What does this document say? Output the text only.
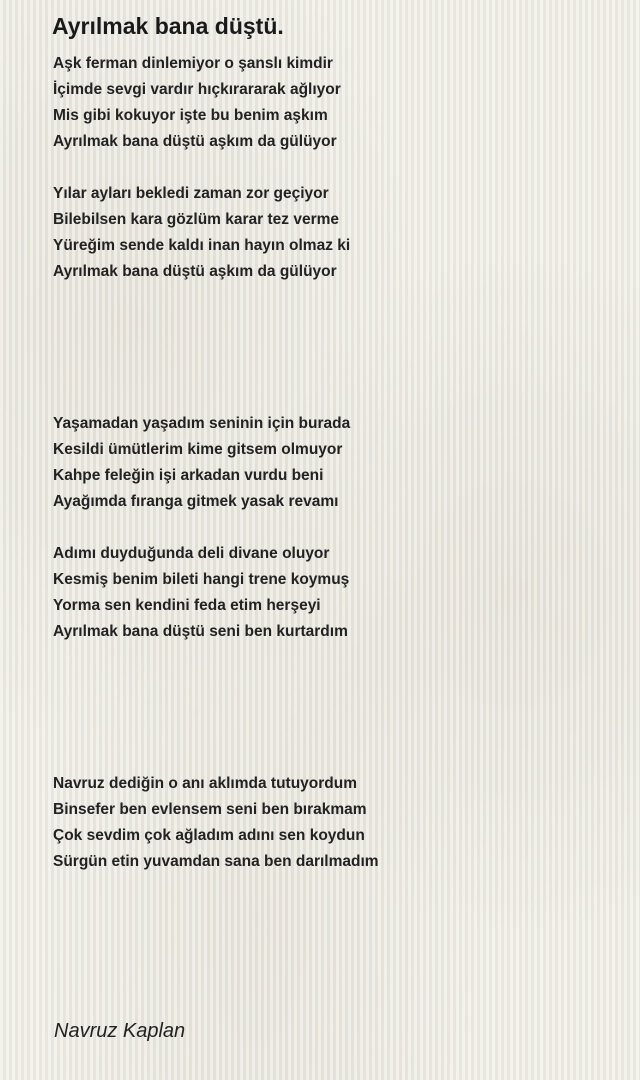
Ayrılmak bana düştü.
Aşk ferman dinlemiyor o şanslı kimdir
İçimde sevgi vardır hıçkırararak ağlıyor
Mis gibi kokuyor işte bu benim aşkım
Ayrılmak bana düştü aşkım da gülüyor
Yılar ayları bekledi zaman zor geçiyor
Bilebilsen kara gözlüm karar tez verme
Yüreğim sende kaldı inan hayın olmaz ki
Ayrılmak bana düştü aşkım da gülüyor
Yaşamadan yaşadım seninin için burada
Kesildi ümütlerim kime gitsem olmuyor
Kahpe feleğin işi arkadan vurdu beni
Ayağımda fıranga gitmek yasak revamı
Adımı duyduğunda deli divane oluyor
Kesmiş benim bileti hangi trene koymuş
Yorma sen kendini feda etim herşeyi
Ayrılmak bana düştü seni ben kurtardım
Navruz dediğin o anı aklımda tutuyordum
Binsefer ben evlensem seni ben bırakmam
Çok sevdim çok ağladım adını sen koydun
Sürgün etin yuvamdan sana ben darılmadım
Navruz Kaplan
